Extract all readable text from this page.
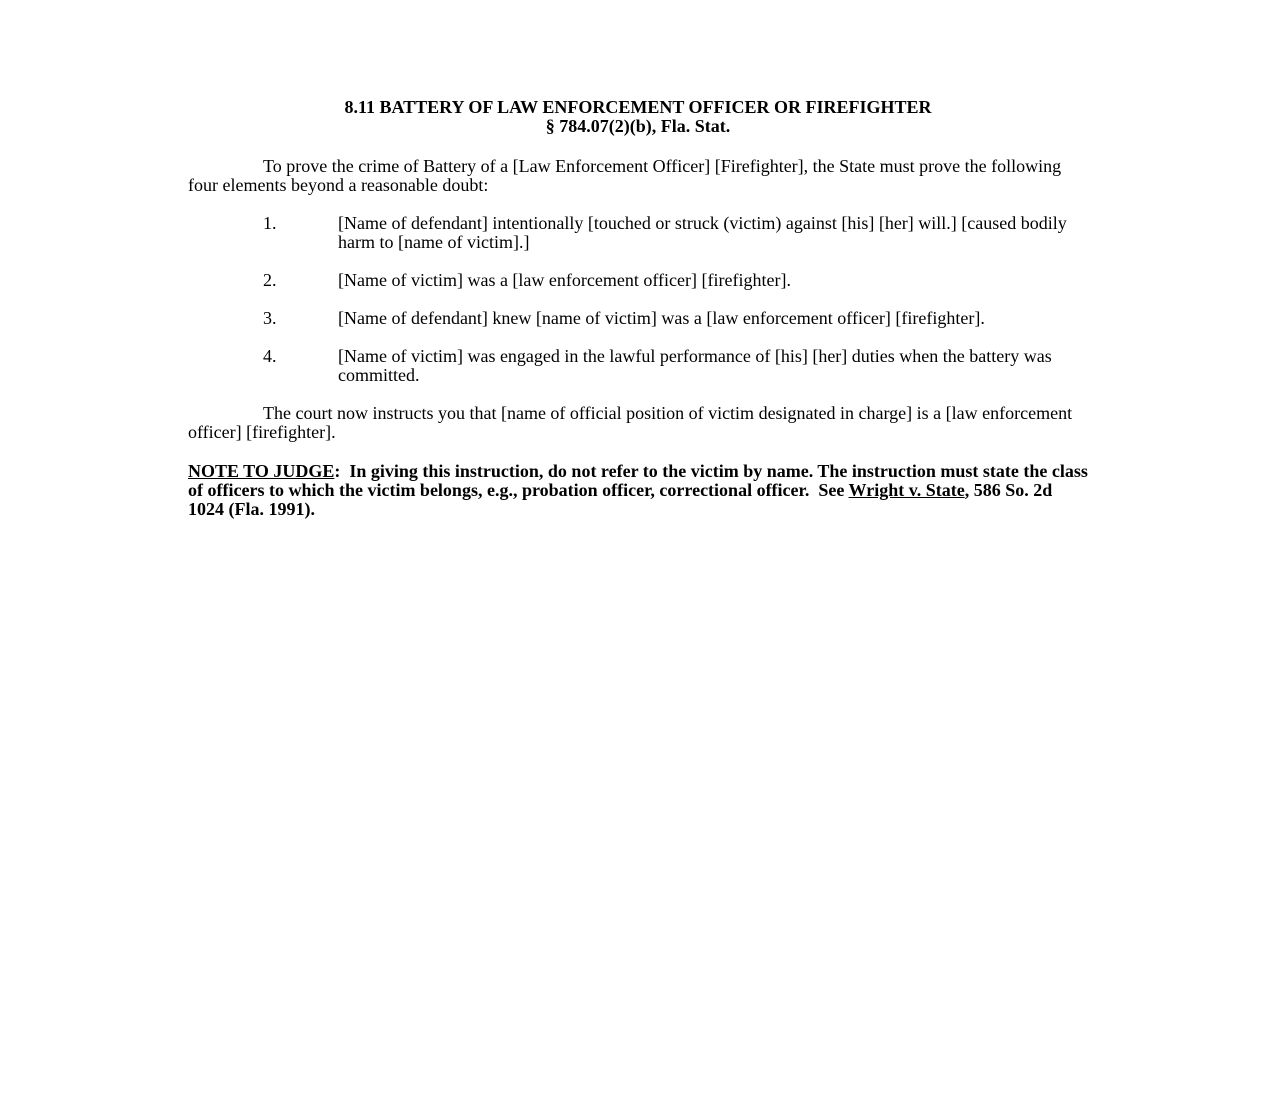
8.11 BATTERY OF LAW ENFORCEMENT OFFICER OR FIREFIGHTER
§ 784.07(2)(b), Fla. Stat.

To prove the crime of Battery of a [Law Enforcement Officer] [Firefighter], the State must prove the following four elements beyond a reasonable doubt:

1.	[Name of defendant] intentionally [touched or struck (victim) against [his] [her] will.] [caused bodily harm to [name of victim].]
2.	[Name of victim] was a [law enforcement officer] [firefighter].
3.	[Name of defendant] knew [name of victim] was a [law enforcement officer] [firefighter].
4.	[Name of victim] was engaged in the lawful performance of [his] [her] duties when the battery was committed.

The court now instructs you that [name of official position of victim designated in charge] is a [law enforcement officer] [firefighter].

NOTE TO JUDGE:  In giving this instruction, do not refer to the victim by name. The instruction must state the class of officers to which the victim belongs, e.g., probation officer, correctional officer.  See Wright v. State, 586 So. 2d 1024 (Fla. 1991).
